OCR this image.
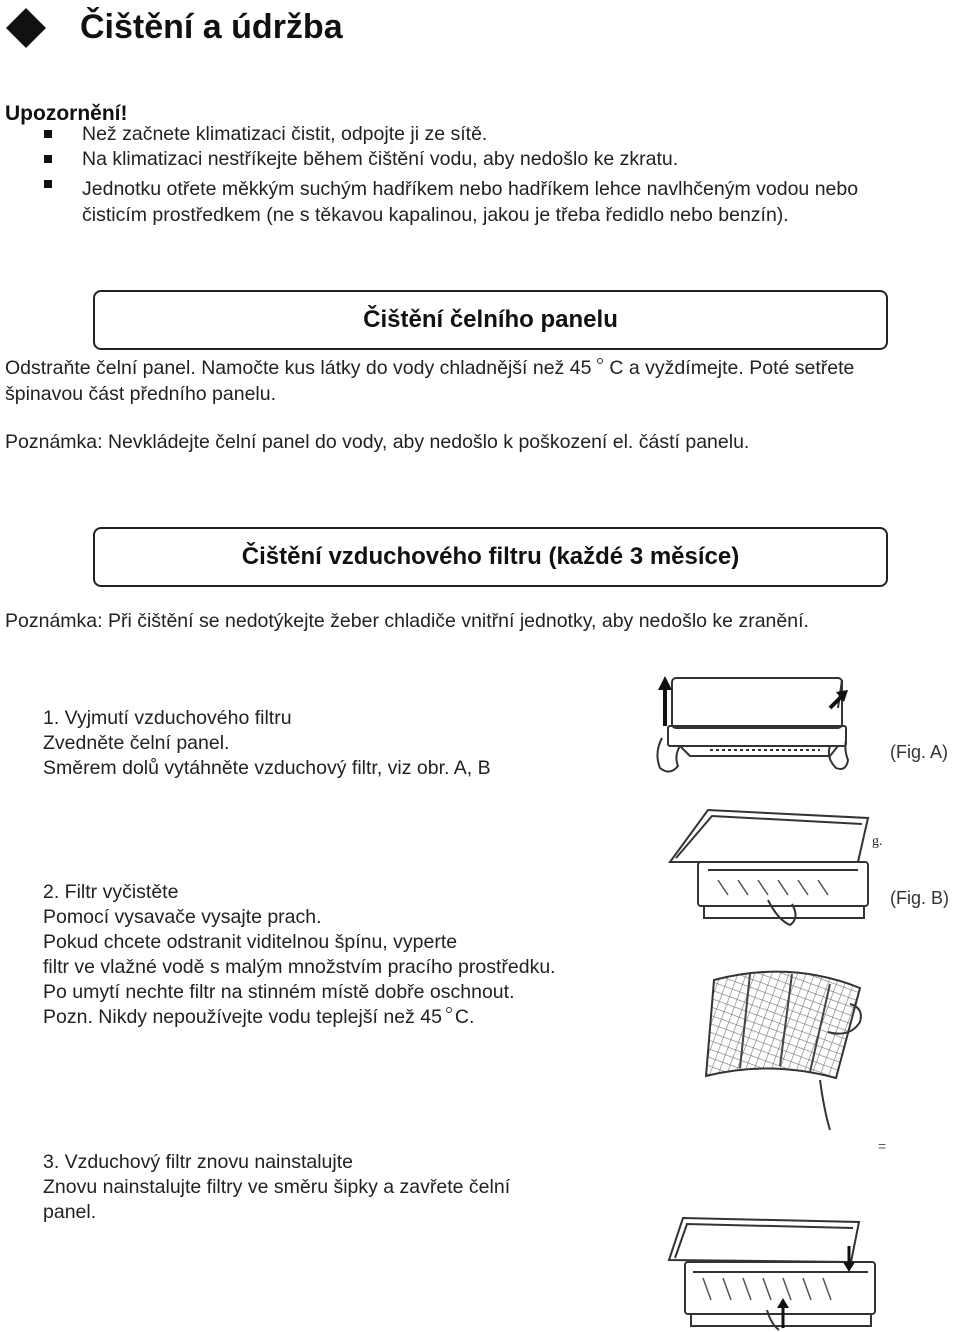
Čištění a údržba
Upozornění!
Než začnete klimatizaci čistit, odpojte ji ze sítě.
Na klimatizaci nestříkejte během čištění vodu, aby nedošlo ke zkratu.
Jednotku otřete měkkým suchým hadříkem nebo hadříkem lehce navlhčeným vodou nebo
čisticím prostředkem (ne s těkavou kapalinou, jakou je třeba ředidlo nebo benzín).
Čištění čelního panelu
Odstraňte čelní panel. Namočte kus látky do vody chladnější než 45 C a vyždímejte. Poté setřete
špinavou část předního panelu.
Poznámka: Nevkládejte čelní panel do vody, aby nedošlo k poškození el. částí panelu.
Čištění vzduchového filtru (každé 3 měsíce)
Poznámka: Při čištění se nedotýkejte žeber chladiče vnitřní jednotky, aby nedošlo ke zranění.
1. Vyjmutí vzduchového filtru
Zvedněte čelní panel.
Směrem dolů vytáhněte vzduchový filtr, viz obr. A, B
2. Filtr vyčistěte
Pomocí vysavače vysajte prach.
Pokud chcete odstranit viditelnou špínu, vyperte
filtr ve vlažné vodě s malým množstvím pracího prostředku.
Po umytí nechte filtr na stinném místě dobře oschnout.
Pozn. Nikdy nepoužívejte vodu teplejší než 45 C.
3. Vzduchový filtr znovu nainstalujte
Znovu nainstalujte filtry ve směru šipky a zavřete čelní
panel.
(Fig. A)
g.
(Fig. B)
=
